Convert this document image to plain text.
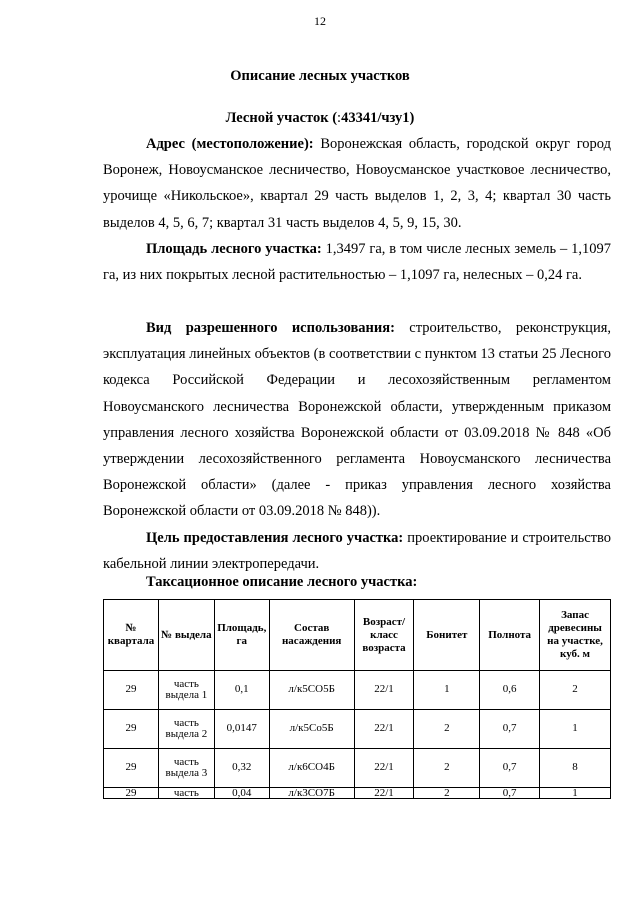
12
Описание лесных участков
Лесной участок (:43341/чзу1)

Адрес (местоположение): Воронежская область, городской округ город Воронеж, Новоусманское лесничество, Новоусманское участковое лесничество, урочище «Никольское», квартал 29 часть выделов 1, 2, 3, 4; квартал 30 часть выделов 4, 5, 6, 7; квартал 31 часть выделов 4, 5, 9, 15, 30.

Площадь лесного участка: 1,3497 га, в том числе лесных земель – 1,1097 га, из них покрытых лесной растительностью – 1,1097 га, нелесных – 0,24 га.

Вид разрешенного использования: строительство, реконструкция, эксплуатация линейных объектов (в соответствии с пунктом 13 статьи 25 Лесного кодекса Российской Федерации и лесохозяйственным регламентом Новоусманского лесничества Воронежской области, утвержденным приказом управления лесного хозяйства Воронежской области от 03.09.2018 № 848 «Об утверждении лесохозяйственного регламента Новоусманского лесничества Воронежской области» (далее - приказ управления лесного хозяйства Воронежской области от 03.09.2018 № 848)).

Цель предоставления лесного участка: проектирование и строительство кабельной линии электропередачи.

Таксационное описание лесного участка:
№ квартала	№ выдела	Площадь, га	Состав насаждения	Возраст/ класс возраста	Бонитет	Полнота	Запас древесины на участке, куб. м
29	часть выдела 1	0,1	л/к5СО5Б	22/1	1	0,6	2
29	часть выдела 2	0,0147	л/к5Со5Б	22/1	2	0,7	1
29	часть выдела 3	0,32	л/к6СО4Б	22/1	2	0,7	8
29	часть	0,04	л/к3СО7Б	22/1	2	0,7	1
